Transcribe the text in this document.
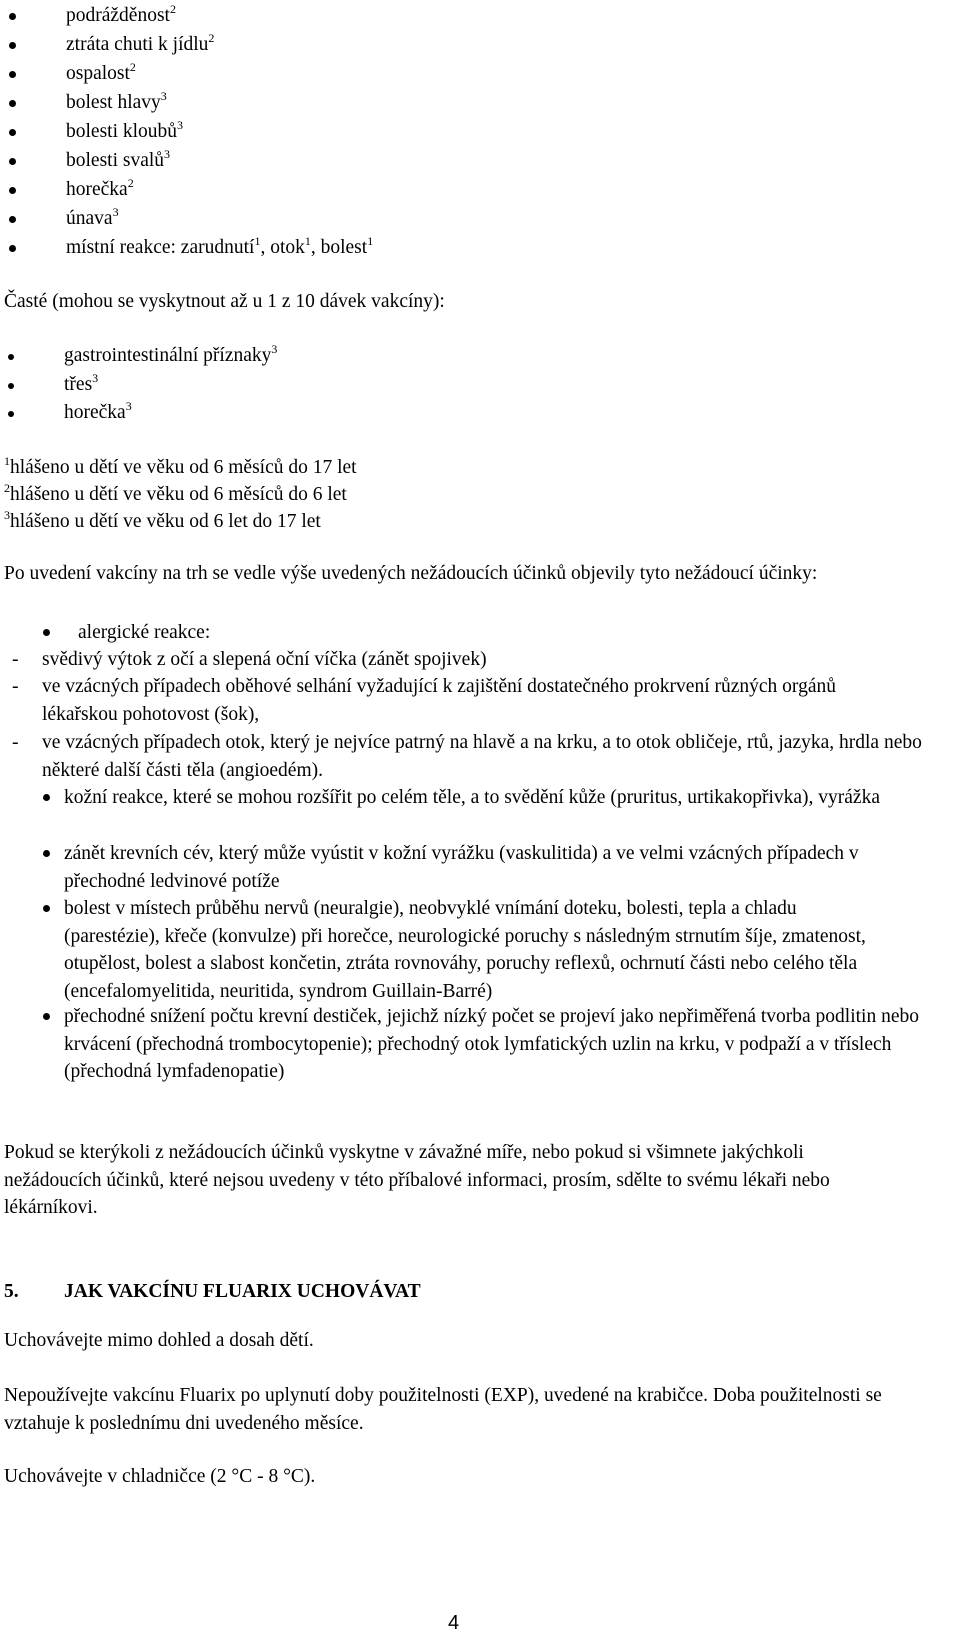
podrážděnost$^2$
ztráta chuti k jídlu$^2$
ospalost$^2$
bolest hlavy$^3$
bolesti kloubů$^3$
bolesti svalů$^3$
horečka$^2$
únava$^3$
místní reakce: zarudnutí$^1$, otok$^1$, bolest$^1$
Časté (mohou se vyskytnout až u 1 z 10 dávek vakcíny):
gastrointestinální příznaky$^3$
třes$^3$
horečka$^3$
$^1$hlášeno u dětí ve věku od 6 měsíců do 17 let
$^2$hlášeno u dětí ve věku od 6 měsíců do 6 let
$^3$hlášeno u dětí ve věku od 6 let do 17 let

Po uvedení vakcíny na trh se vedle výše uvedených nežádoucích účinků objevily tyto nežádoucí účinky:

alergické reakce:
- svědivý výtok z očí a slepená oční víčka (zánět spojivek)
- ve vzácných případech oběhové selhání vyžadující k zajištění dostatečného prokrvení různých orgánů lékařskou pohotovost (šok),
- ve vzácných případech otok, který je nejvíce patrný na hlavě a na krku, a to otok obličeje, rtů, jazyka, hrdla nebo některé další části těla (angioedém).
kožní reakce, které se mohou rozšířit po celém těle, a to svědění kůže (pruritus, urtikakopřivka), vyrážka
zánět krevních cév, který může vyústit v kožní vyrážku (vaskulitida) a ve velmi vzácných případech v přechodné ledvinové potíže
bolest v místech průběhu nervů (neuralgie), neobvyklé vnímání doteku, bolesti, tepla a chladu (parestézie), křeče (konvulze) při horečce, neurologické poruchy s následným strnutím šíje, zmatenost, otupělost, bolest a slabost končetin, ztráta rovnováhy, poruchy reflexů, ochrnutí části nebo celého těla (encefalomyelitida, neuritida, syndrom Guillain-Barré)
přechodné snížení počtu krevní destiček, jejichž nízký počet se projeví jako nepřiměřená tvorba podlitin nebo krvácení (přechodná trombocytopenie); přechodný otok lymfatických uzlin na krku, v podpaží a v tříslech (přechodná lymfadenopatie)

Pokud se kterýkoli z nežádoucích účinků vyskytne v závažné míře, nebo pokud si všimnete jakýchkoli nežádoucích účinků, které nejsou uvedeny v této příbalové informaci, prosím, sdělte to svému lékaři nebo lékárníkovi.

5. JAK VAKCÍNU FLUARIX UCHOVÁVAT
Uchovávejte mimo dohled a dosah dětí.

Nepoužívejte vakcínu Fluarix po uplynutí doby použitelnosti (EXP), uvedené na krabičce. Doba použitelnosti se vztahuje k poslednímu dni uvedeného měsíce.

Uchovávejte v chladničce (2 °C - 8 °C).
4
